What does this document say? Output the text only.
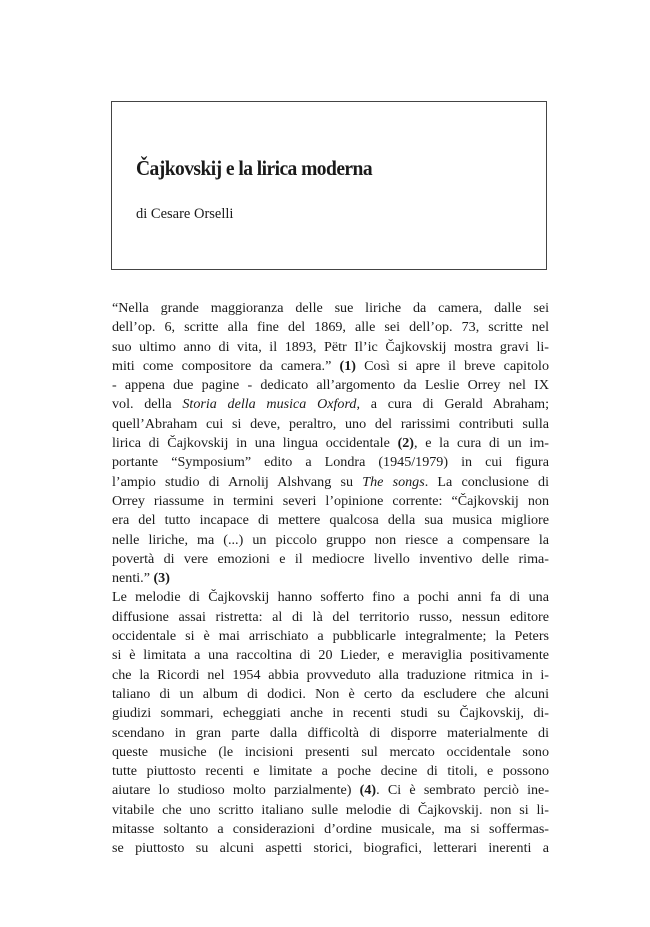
Čajkovskij e la lirica moderna

di Cesare Orselli

“Nella grande maggioranza delle sue liriche da camera, dalle sei
dell’op. 6, scritte alla fine del 1869, alle sei dell’op. 73, scritte nel
suo ultimo anno di vita, il 1893, Pëtr Il’ic Čajkovskij mostra gravi li-
miti come compositore da camera.” (1) Così si apre il breve capitolo
- appena due pagine - dedicato all’argomento da Leslie Orrey nel IX
vol. della Storia della musica Oxford, a cura di Gerald Abraham;
quell’Abraham cui si deve, peraltro, uno del rarissimi contributi sulla
lirica di Čajkovskij in una lingua occidentale (2), e la cura di un im-
portante “Symposium” edito a Londra (1945/1979) in cui figura
l’ampio studio di Arnolij Alshvang su The songs. La conclusione di
Orrey riassume in termini severi l’opinione corrente: “Čajkovskij non
era del tutto incapace di mettere qualcosa della sua musica migliore
nelle liriche, ma (...) un piccolo gruppo non riesce a compensare la
povertà di vere emozioni e il mediocre livello inventivo delle rima-
nenti.” (3)
Le melodie di Čajkovskij hanno sofferto fino a pochi anni fa di una
diffusione assai ristretta: al di là del territorio russo, nessun editore
occidentale si è mai arrischiato a pubblicarle integralmente; la Peters
si è limitata a una raccoltina di 20 Lieder, e meraviglia positivamente
che la Ricordi nel 1954 abbia provveduto alla traduzione ritmica in i-
taliano di un album di dodici. Non è certo da escludere che alcuni
giudizi sommari, echeggiati anche in recenti studi su Čajkovskij, di-
scendano in gran parte dalla difficoltà di disporre materialmente di
queste musiche (le incisioni presenti sul mercato occidentale sono
tutte piuttosto recenti e limitate a poche decine di titoli, e possono
aiutare lo studioso molto parzialmente) (4). Ci è sembrato perciò ine-
vitabile che uno scritto italiano sulle melodie di Čajkovskij. non si li-
mitasse soltanto a considerazioni d’ordine musicale, ma si soffermas-
se piuttosto su alcuni aspetti storici, biografici, letterari inerenti a
